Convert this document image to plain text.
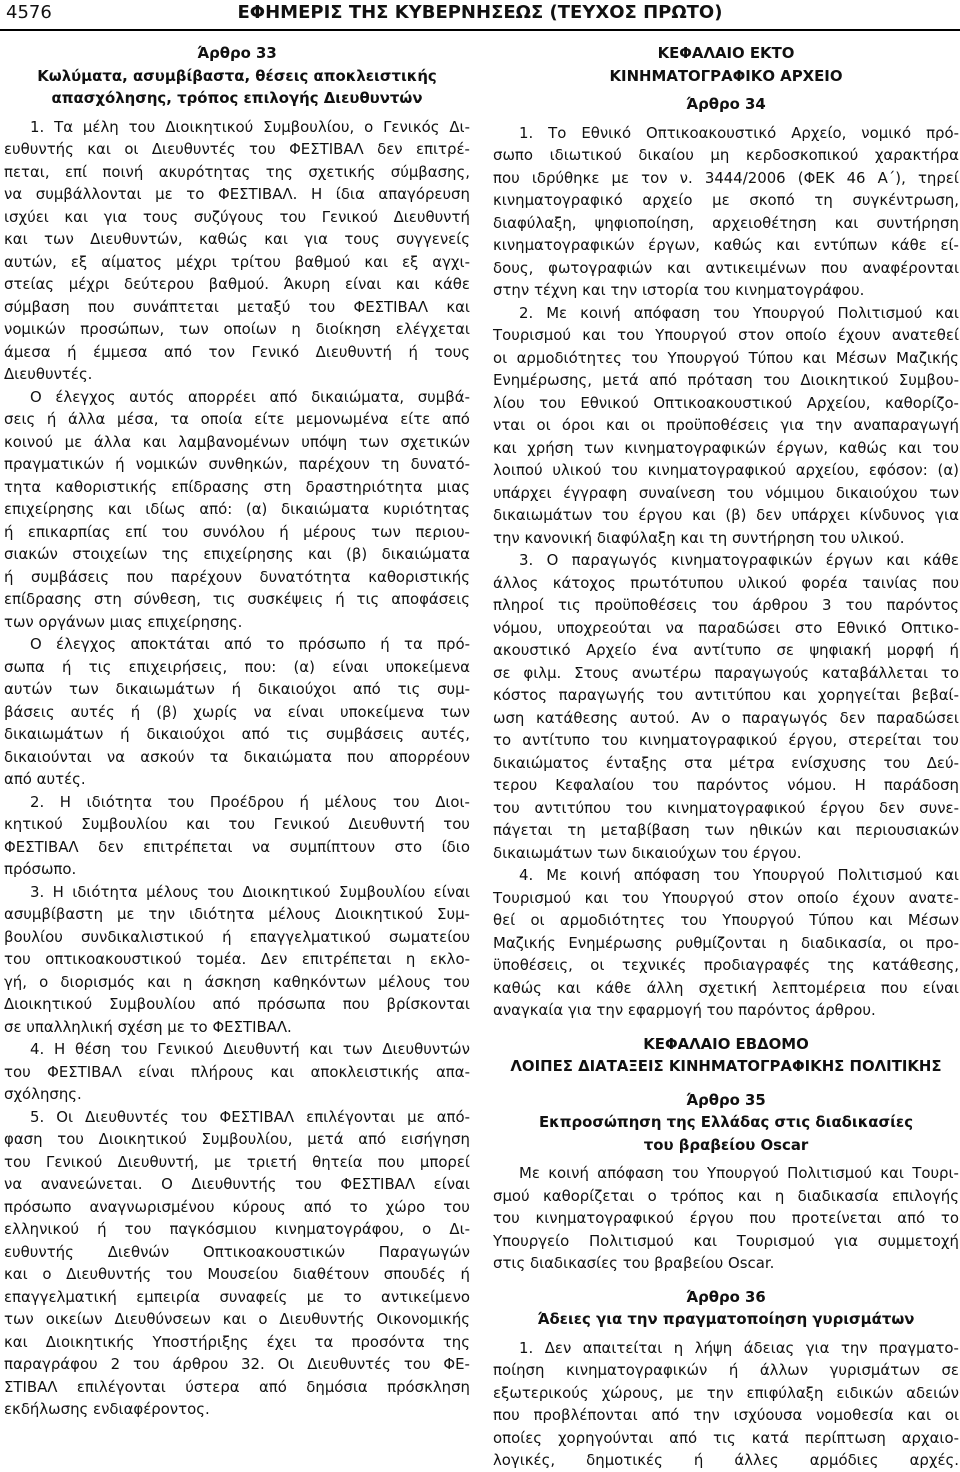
4576	ΕΦΗΜΕΡΙΣ ΤΗΣ ΚΥΒΕΡΝΗΣΕΩΣ (ΤΕΥΧΟΣ ΠΡΩΤΟ)
Άρθρο 33
Κωλύματα, ασυμβίβαστα, θέσεις αποκλειστικής
απασχόλησης, τρόπος επιλογής Διευθυντών
1. Τα μέλη του Διοικητικού Συμβουλίου, ο Γενικός Δι-
ευθυντής και οι Διευθυντές του ΦΕΣΤΙΒΑΛ δεν επιτρέ-
πεται, επί ποινή ακυρότητας της σχετικής σύμβασης,
να συμβάλλονται με το ΦΕΣΤΙΒΑΛ. Η ίδια απαγόρευση
ισχύει και για τους συζύγους του Γενικού Διευθυντή
και των Διευθυντών, καθώς και για τους συγγενείς
αυτών, εξ αίματος μέχρι τρίτου βαθμού και εξ αγχι-
στείας μέχρι δεύτερου βαθμού. Άκυρη είναι και κάθε
σύμβαση που συνάπτεται μεταξύ του ΦΕΣΤΙΒΑΛ και
νομικών προσώπων, των οποίων η διοίκηση ελέγχεται
άμεσα ή έμμεσα από τον Γενικό Διευθυντή ή τους
Διευθυντές.
Ο έλεγχος αυτός απορρέει από δικαιώματα, συμβά-
σεις ή άλλα μέσα, τα οποία είτε μεμονωμένα είτε από
κοινού με άλλα και λαμβανομένων υπόψη των σχετικών
πραγματικών ή νομικών συνθηκών, παρέχουν τη δυνατό-
τητα καθοριστικής επίδρασης στη δραστηριότητα μιας
επιχείρησης και ιδίως από: (α) δικαιώματα κυριότητας
ή επικαρπίας επί του συνόλου ή μέρους των περιου-
σιακών στοιχείων της επιχείρησης και (β) δικαιώματα
ή συμβάσεις που παρέχουν δυνατότητα καθοριστικής
επίδρασης στη σύνθεση, τις συσκέψεις ή τις αποφάσεις
των οργάνων μιας επιχείρησης.
Ο έλεγχος αποκτάται από το πρόσωπο ή τα πρό-
σωπα ή τις επιχειρήσεις, που: (α) είναι υποκείμενα
αυτών των δικαιωμάτων ή δικαιούχοι από τις συμ-
βάσεις αυτές ή (β) χωρίς να είναι υποκείμενα των
δικαιωμάτων ή δικαιούχοι από τις συμβάσεις αυτές,
δικαιούνται να ασκούν τα δικαιώματα που απορρέουν
από αυτές.
2. Η ιδιότητα του Προέδρου ή μέλους του Διοι-
κητικού Συμβουλίου και του Γενικού Διευθυντή του
ΦΕΣΤΙΒΑΛ δεν επιτρέπεται να συμπίπτουν στο ίδιο
πρόσωπο.
3. Η ιδιότητα μέλους του Διοικητικού Συμβουλίου είναι
ασυμβίβαστη με την ιδιότητα μέλους Διοικητικού Συμ-
βουλίου συνδικαλιστικού ή επαγγελματικού σωματείου
του οπτικοακουστικού τομέα. Δεν επιτρέπεται η εκλο-
γή, ο διορισμός και η άσκηση καθηκόντων μέλους του
Διοικητικού Συμβουλίου από πρόσωπα που βρίσκονται
σε υπαλληλική σχέση με το ΦΕΣΤΙΒΑΛ.
4. Η θέση του Γενικού Διευθυντή και των Διευθυντών
του ΦΕΣΤΙΒΑΛ είναι πλήρους και αποκλειστικής απα-
σχόλησης.
5. Οι Διευθυντές του ΦΕΣΤΙΒΑΛ επιλέγονται με από-
φαση του Διοικητικού Συμβουλίου, μετά από εισήγηση
του Γενικού Διευθυντή, με τριετή θητεία που μπορεί
να ανανεώνεται. Ο Διευθυντής του ΦΕΣΤΙΒΑΛ είναι
πρόσωπο αναγνωρισμένου κύρους από το χώρο του
ελληνικού ή του παγκόσμιου κινηματογράφου, ο Δι-
ευθυντής Διεθνών Οπτικοακουστικών Παραγωγών
και ο Διευθυντής του Μουσείου διαθέτουν σπουδές ή
επαγγελματική εμπειρία συναφείς με το αντικείμενο
των οικείων Διευθύνσεων και ο Διευθυντής Οικονομικής
και Διοικητικής Υποστήριξης έχει τα προσόντα της
παραγράφου 2 του άρθρου 32. Οι Διευθυντές του ΦΕ-
ΣΤΙΒΑΛ επιλέγονται ύστερα από δημόσια πρόσκληση
εκδήλωσης ενδιαφέροντος.
ΚΕΦΑΛΑΙΟ ΕΚΤΟ
ΚΙΝΗΜΑΤΟΓΡΑΦΙΚΟ ΑΡΧΕΙΟ
Άρθρο 34
1. Το Εθνικό Οπτικοακουστικό Αρχείο, νομικό πρό-
σωπο ιδιωτικού δικαίου μη κερδοσκοπικού χαρακτήρα
που ιδρύθηκε με τον ν. 3444/2006 (ΦΕΚ 46 Α΄), τηρεί
κινηματογραφικό αρχείο με σκοπό τη συγκέντρωση,
διαφύλαξη, ψηφιοποίηση, αρχειοθέτηση και συντήρηση
κινηματογραφικών έργων, καθώς και εντύπων κάθε εί-
δους, φωτογραφιών και αντικειμένων που αναφέρονται
στην τέχνη και την ιστορία του κινηματογράφου.
2. Με κοινή απόφαση του Υπουργού Πολιτισμού και
Τουρισμού και του Υπουργού στον οποίο έχουν ανατεθεί
οι αρμοδιότητες του Υπουργού Τύπου και Μέσων Μαζικής
Ενημέρωσης, μετά από πρόταση του Διοικητικού Συμβου-
λίου του Εθνικού Οπτικοακουστικού Αρχείου, καθορίζο-
νται οι όροι και οι προϋποθέσεις για την αναπαραγωγή
και χρήση των κινηματογραφικών έργων, καθώς και του
λοιπού υλικού του κινηματογραφικού αρχείου, εφόσον: (α)
υπάρχει έγγραφη συναίνεση του νόμιμου δικαιούχου των
δικαιωμάτων του έργου και (β) δεν υπάρχει κίνδυνος για
την κανονική διαφύλαξη και τη συντήρηση του υλικού.
3. Ο παραγωγός κινηματογραφικών έργων και κάθε
άλλος κάτοχος πρωτότυπου υλικού φορέα ταινίας που
πληροί τις προϋποθέσεις του άρθρου 3 του παρόντος
νόμου, υποχρεούται να παραδώσει στο Εθνικό Οπτικο-
ακουστικό Αρχείο ένα αντίτυπο σε ψηφιακή μορφή ή
σε φιλμ. Στους ανωτέρω παραγωγούς καταβάλλεται το
κόστος παραγωγής του αντιτύπου και χορηγείται βεβαί-
ωση κατάθεσης αυτού. Αν ο παραγωγός δεν παραδώσει
το αντίτυπο του κινηματογραφικού έργου, στερείται του
δικαιώματος ένταξης στα μέτρα ενίσχυσης του Δεύ-
τερου Κεφαλαίου του παρόντος νόμου. Η παράδοση
του αντιτύπου του κινηματογραφικού έργου δεν συνε-
πάγεται τη μεταβίβαση των ηθικών και περιουσιακών
δικαιωμάτων των δικαιούχων του έργου.
4. Με κοινή απόφαση του Υπουργού Πολιτισμού και
Τουρισμού και του Υπουργού στον οποίο έχουν ανατε-
θεί οι αρμοδιότητες του Υπουργού Τύπου και Μέσων
Μαζικής Ενημέρωσης ρυθμίζονται η διαδικασία, οι προ-
ϋποθέσεις, οι τεχνικές προδιαγραφές της κατάθεσης,
καθώς και κάθε άλλη σχετική λεπτομέρεια που είναι
αναγκαία για την εφαρμογή του παρόντος άρθρου.
ΚΕΦΑΛΑΙΟ ΕΒΔΟΜΟ
ΛΟΙΠΕΣ ΔΙΑΤΑΞΕΙΣ ΚΙΝΗΜΑΤΟΓΡΑΦΙΚΗΣ ΠΟΛΙΤΙΚΗΣ
Άρθρο 35
Εκπροσώπηση της Ελλάδας στις διαδικασίες
του βραβείου Oscar
Με κοινή απόφαση του Υπουργού Πολιτισμού και Τουρι-
σμού καθορίζεται ο τρόπος και η διαδικασία επιλογής
του κινηματογραφικού έργου που προτείνεται από το
Υπουργείο Πολιτισμού και Τουρισμού για συμμετοχή
στις διαδικασίες του βραβείου Oscar.
Άρθρο 36
Άδειες για την πραγματοποίηση γυρισμάτων
1. Δεν απαιτείται η λήψη άδειας για την πραγματο-
ποίηση κινηματογραφικών ή άλλων γυρισμάτων σε
εξωτερικούς χώρους, με την επιφύλαξη ειδικών αδειών
που προβλέπονται από την ισχύουσα νομοθεσία και οι
οποίες χορηγούνται από τις κατά περίπτωση αρχαιο-
λογικές, δημοτικές ή άλλες αρμόδιες αρχές.
